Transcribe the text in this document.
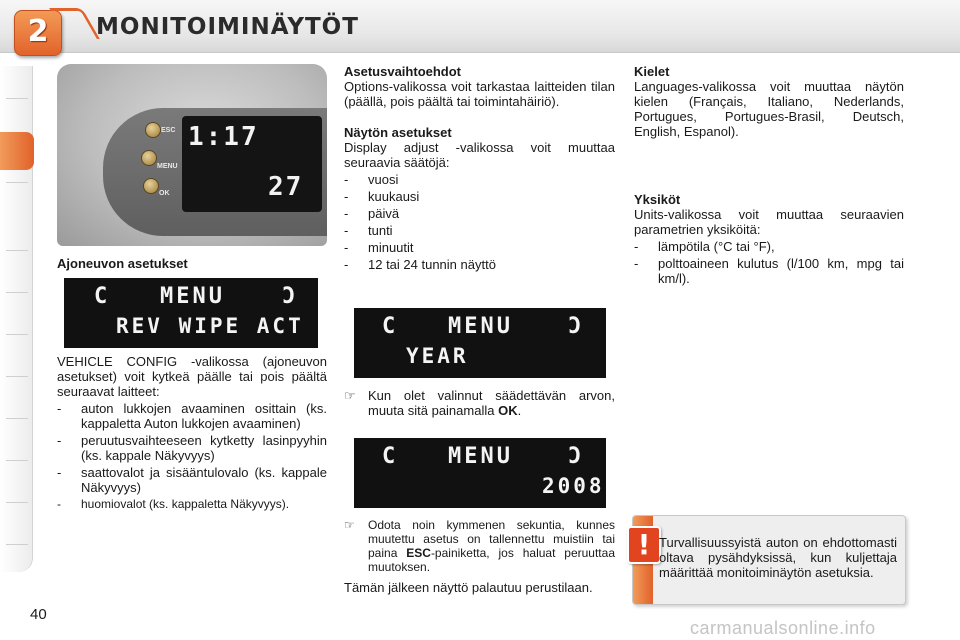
2	MONITOIMINÄYTÖT
ESC
MENU
OK
1:17
27

Ajoneuvon asetukset

C MENU	Ɔ
REV WIPE ACT

VEHICLE CONFIG -valikossa (ajoneuvon asetukset) voit kytkeä päälle tai pois päältä seuraavat laitteet:

- auton lukkojen avaaminen osittain (ks. kappaletta Auton lukkojen avaaminen)
- peruutusvaihteeseen kytketty lasinpyyhin (ks. kappale Näkyvyys)
- saattovalot ja sisääntulovalo (ks. kappale Näkyvyys)
- huomiovalot (ks. kappaletta Näkyvyys).

Asetusvaihtoehdot

Options-valikossa voit tarkastaa laitteiden tilan (päällä, pois päältä tai toimintahäiriö).

Näytön asetukset

Display adjust -valikossa voit muuttaa seuraavia säätöjä:

- vuosi
- kuukausi
- päivä
- tunti
- minuutit
- 12 tai 24 tunnin näyttö
C MENU	Ɔ
YEAR
☞ Kun olet valinnut säädettävän arvon, muuta sitä painamalla OK.
C MENU	Ɔ
2008
☞ Odota noin kymmenen sekuntia, kunnes muutettu asetus on tallennettu muistiin tai paina ESC-painiketta, jos haluat peruuttaa muutoksen.

Tämän jälkeen näyttö palautuu perustilaan.

Kielet

Languages-valikossa voit muuttaa näytön kielen (Français, Italiano, Nederlands, Portugues, Portugues-Brasil, Deutsch, English, Espanol).

Yksiköt

Units-valikossa voit muuttaa seuraavien parametrien yksiköitä:

- lämpötila (°C tai °F),
- polttoaineen kulutus (l/100 km, mpg tai km/l).
! Turvallisuussyistä auton on ehdottomasti oltava pysähdyksissä, kun kuljettaja määrittää monitoiminäytön asetuksia.
40
carmanualsonline.info
